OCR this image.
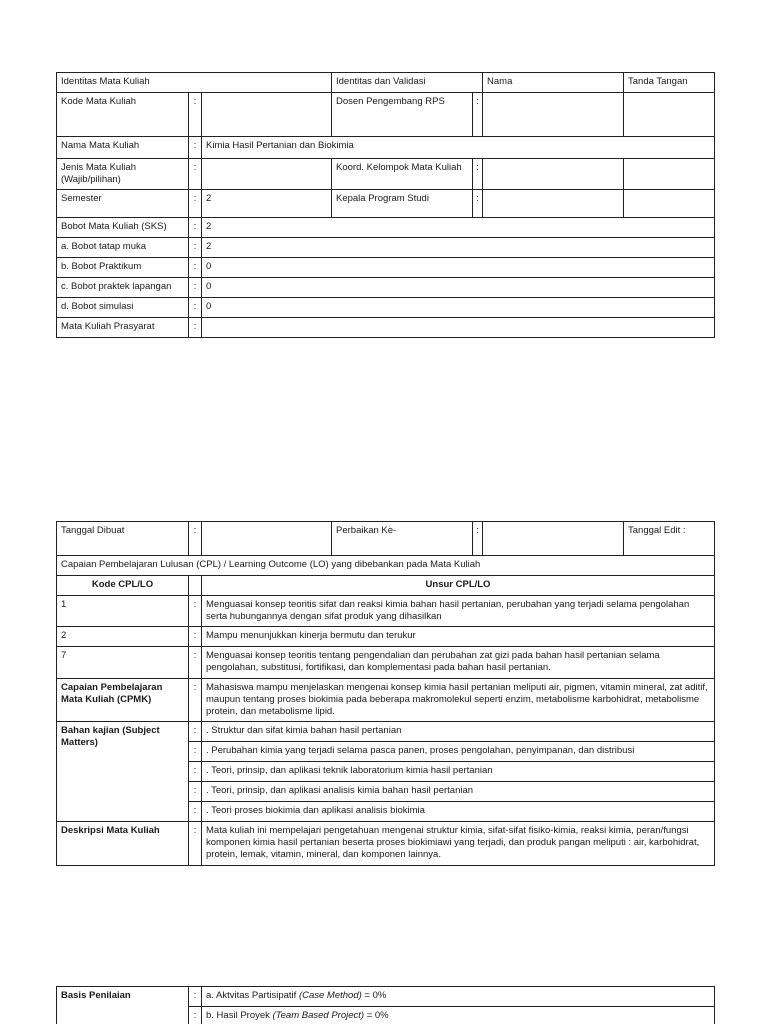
Identitas Mata Kuliah			Identitas dan Validasi		Nama	Tanda Tangan
Kode Mata Kuliah	:		Dosen Pengembang RPS	:		
Nama Mata Kuliah	:	Kimia Hasil Pertanian dan Biokimia				
Jenis Mata Kuliah (Wajib/pilihan)	:		Koord. Kelompok Mata Kuliah	:		
Semester	:	2	Kepala Program Studi	:		
Bobot Mata Kuliah (SKS)	:	2				
a. Bobot tatap muka	:	2				
b. Bobot Praktikum	:	0				
c. Bobot praktek lapangan	:	0				
d. Bobot simulasi	:	0				
Mata Kuliah Prasyarat	:					
Tanggal Dibuat	:		Perbaikan Ke-	:		Tanggal Edit :
Capaian Pembelajaran Lulusan (CPL) / Learning Outcome (LO) yang dibebankan pada Mata Kuliah						
Kode CPL/LO		Unsur CPL/LO				
1	:	Menguasai konsep teoritis sifat dan reaksi kimia bahan hasil pertanian, perubahan yang terjadi selama pengolahan serta hubungannya dengan sifat produk yang dihasilkan				
2	:	Mampu menunjukkan kinerja bermutu dan terukur				
7	:	Menguasai konsep teoritis tentang pengendalian dan perubahan zat gizi pada bahan hasil pertanian selama pengolahan, substitusi, fortifikasi, dan komplementasi pada bahan hasil pertanian.				
Capaian Pembelajaran Mata Kuliah (CPMK)	:	Mahasiswa mampu menjelaskan mengenai konsep kimia hasil pertanian meliputi air, pigmen, vitamin mineral, zat aditif, maupun tentang proses biokimia pada beberapa makromolekul seperti enzim, metabolisme karbohidrat, metabolisme protein, dan metabolisme lipid.				
Bahan kajian (Subject Matters)	:	. Struktur dan sifat kimia bahan hasil pertanian				
	:	. Perubahan kimia yang terjadi selama pasca panen, proses pengolahan, penyimpanan, dan distribusi				
	:	. Teori, prinsip, dan aplikasi teknik laboratorium kimia hasil pertanian				
	:	. Teori, prinsip, dan aplikasi analisis kimia bahan hasil pertanian				
	:	. Teori proses biokimia dan aplikasi analisis biokimia				
Deskripsi Mata Kuliah	:	Mata kuliah ini mempelajari pengetahuan mengenai struktur kimia, sifat-sifat fisiko-kimia, reaksi kimia, peran/fungsi komponen kimia hasil pertanian beserta proses biokimiawi yang terjadi, dan produk pangan meliputi : air, karbohidrat, protein, lemak, vitamin, mineral, dan komponen lainnya.				
Basis Penilaian	:	a. Aktvitas Partisipatif (Case Method) = 0%
	:	b. Hasil Proyek (Team Based Project) = 0%
